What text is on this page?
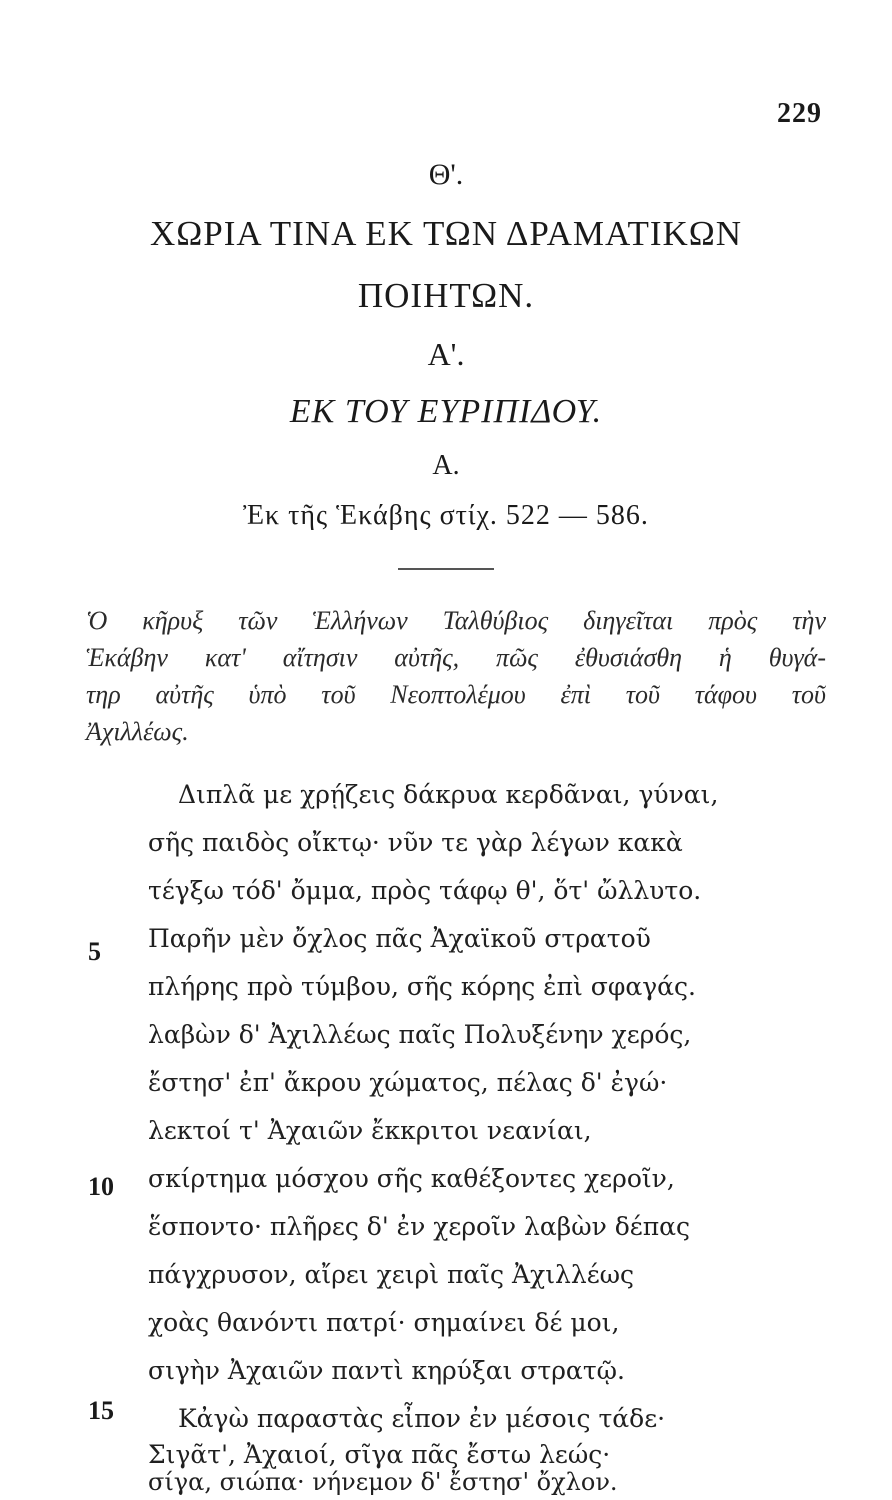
229
Θ'.
ΧΩΡΙΑ ΤΙΝΑ ΕΚ ΤΩΝ ΔΡΑΜΑΤΙΚΩΝ
ΠΟΙΗΤΩΝ.
Α'.
ΕΚ ΤΟΥ ΕΥΡΙΠΙΔΟΥ.
Α.
Ἐκ τῆς Ἑκάβης στίχ. 522 — 586.
Ὁ κῆρυξ τῶν Ἑλλήνων Ταλθύβιος διηγεῖται πρὸς τὴν
Ἑκάβην κατ' αἴτησιν αὐτῆς, πῶς ἐθυσιάσθη ἡ θυγά-
τηρ αὐτῆς ὑπὸ τοῦ Νεοπτολέμου ἐπὶ τοῦ τάφου τοῦ
Ἀχιλλέως.
Διπλᾶ με χρῄζεις δάκρυα κερδᾶναι, γύναι,
σῆς παιδὸς οἴκτῳ· νῦν τε γὰρ λέγων κακὰ
τέγξω τόδ' ὄμμα, πρὸς τάφῳ θ', ὅτ' ὤλλυτο.
Παρῆν μὲν ὄχλος πᾶς Ἀχαϊκοῦ στρατοῦ
5
πλήρης πρὸ τύμβου, σῆς κόρης ἐπὶ σφαγάς.
λαβὼν δ' Ἀχιλλέως παῖς Πολυξένην χερός,
ἔστησ' ἐπ' ἄκρου χώματος, πέλας δ' ἐγώ·
λεκτοί τ' Ἀχαιῶν ἔκκριτοι νεανίαι,
σκίρτημα μόσχου σῆς καθέξοντες χεροῖν,
10
ἕσποντο· πλῆρες δ' ἐν χεροῖν λαβὼν δέπας
πάγχρυσον, αἴρει χειρὶ παῖς Ἀχιλλέως
χοὰς θανόντι πατρί· σημαίνει δέ μοι,
σιγὴν Ἀχαιῶν παντὶ κηρύξαι στρατῷ.
Κἀγὼ παραστὰς εἶπον ἐν μέσοις τάδε·
15
Σιγᾶτ', Ἀχαιοί, σῖγα πᾶς ἔστω λεώς·
σίγα, σιώπα· νήνεμον δ' ἔστησ' ὄχλον.
